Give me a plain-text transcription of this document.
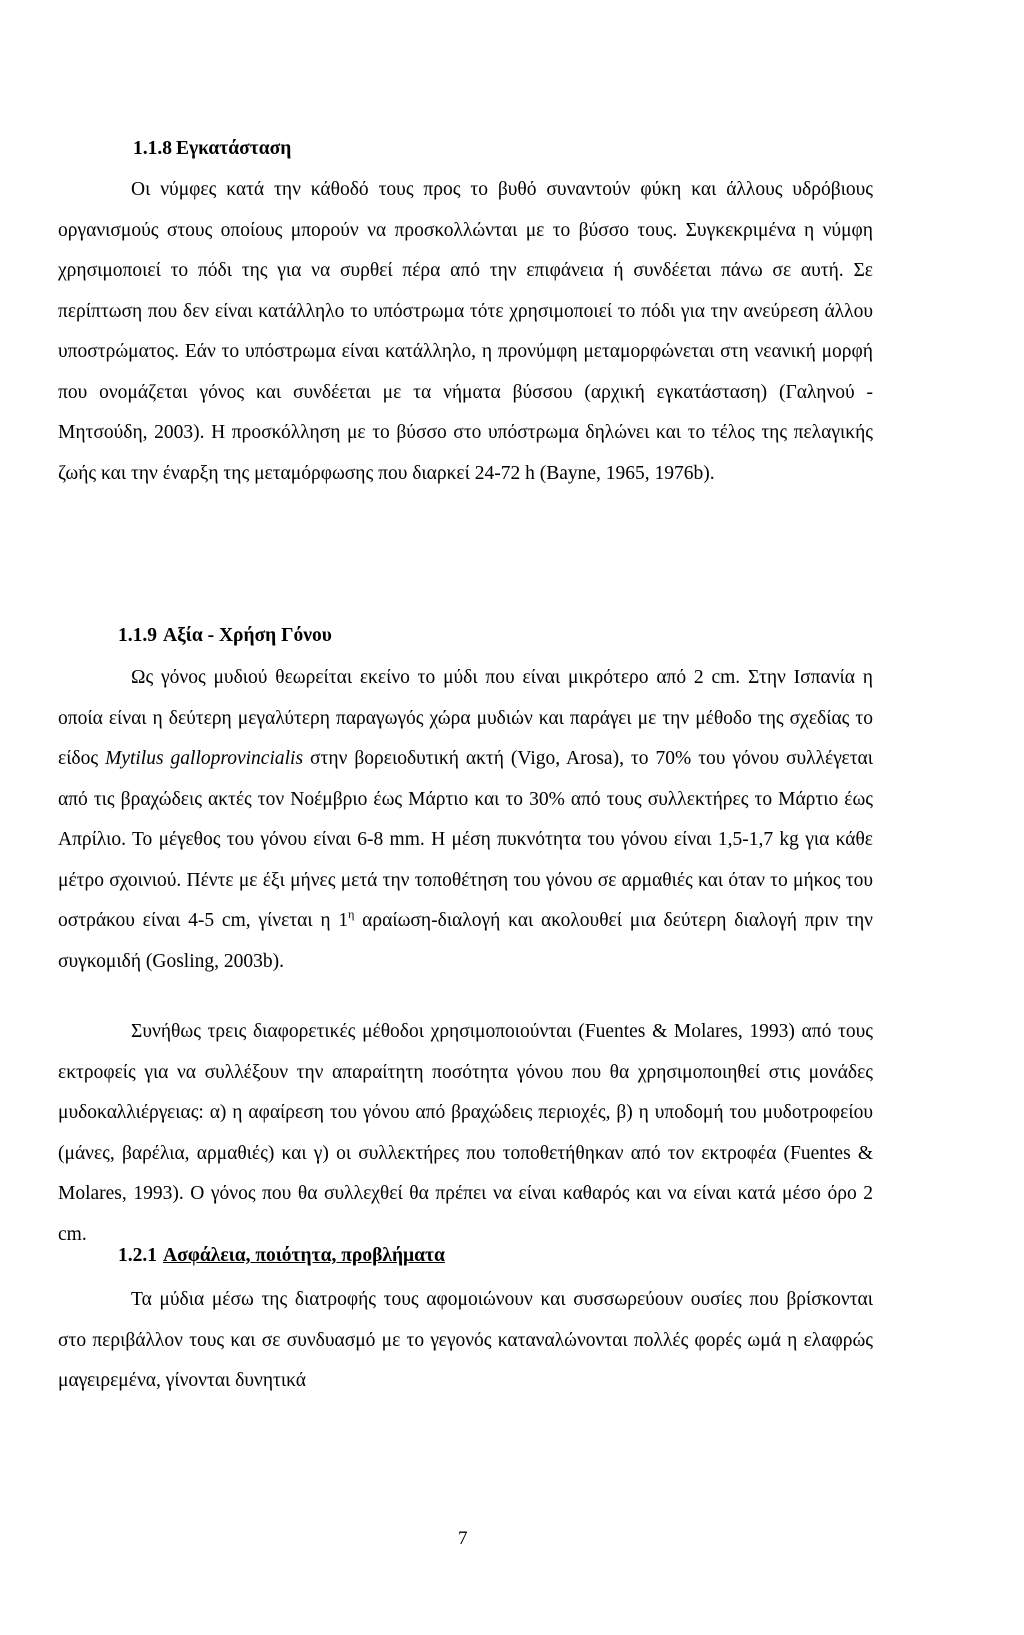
1.1.8 Εγκατάσταση

Οι νύμφες κατά την κάθοδό τους προς το βυθό συναντούν φύκη και άλλους υδρόβιους οργανισμούς στους οποίους μπορούν να προσκολλώνται με το βύσσο τους. Συγκεκριμένα η νύμφη χρησιμοποιεί το πόδι της για να συρθεί πέρα από την επιφάνεια ή συνδέεται πάνω σε αυτή. Σε περίπτωση που δεν είναι κατάλληλο το υπόστρωμα τότε χρησιμοποιεί το πόδι για την ανεύρεση άλλου υποστρώματος. Εάν το υπόστρωμα είναι κατάλληλο, η προνύμφη μεταμορφώνεται στη νεανική μορφή που ονομάζεται γόνος και συνδέεται με τα νήματα βύσσου (αρχική εγκατάσταση) (Γαληνού - Μητσούδη, 2003). Η προσκόλληση με το βύσσο στο υπόστρωμα δηλώνει και το τέλος της πελαγικής ζωής και την έναρξη της μεταμόρφωσης που διαρκεί 24-72 h (Bayne, 1965, 1976b).

1.1.9 Αξία - Χρήση Γόνου

Ως γόνος μυδιού θεωρείται εκείνο το μύδι που είναι μικρότερο από 2 cm. Στην Ισπανία η οποία είναι η δεύτερη μεγαλύτερη παραγωγός χώρα μυδιών και παράγει με την μέθοδο της σχεδίας το είδος Mytilus galloprovincialis στην βορειοδυτική ακτή (Vigo, Arosa), το 70% του γόνου συλλέγεται από τις βραχώδεις ακτές τον Νοέμβριο έως Μάρτιο και το 30% από τους συλλεκτήρες το Μάρτιο έως Απρίλιο. Το μέγεθος του γόνου είναι 6-8 mm. Η μέση πυκνότητα του γόνου είναι 1,5-1,7 kg για κάθε μέτρο σχοινιού. Πέντε με έξι μήνες μετά την τοποθέτηση του γόνου σε αρμαθιές και όταν το μήκος του οστράκου είναι 4-5 cm, γίνεται η $1^\eta$ αραίωση-διαλογή και ακολουθεί μια δεύτερη διαλογή πριν την συγκομιδή (Gosling, 2003b).

Συνήθως τρεις διαφορετικές μέθοδοι χρησιμοποιούνται (Fuentes & Molares, 1993) από τους εκτροφείς για να συλλέξουν την απαραίτητη ποσότητα γόνου που θα χρησιμοποιηθεί στις μονάδες μυδοκαλλιέργειας: α) η αφαίρεση του γόνου από βραχώδεις περιοχές, β) η υποδομή του μυδοτροφείου (μάνες, βαρέλια, αρμαθιές) και γ) οι συλλεκτήρες που τοποθετήθηκαν από τον εκτροφέα (Fuentes & Molares, 1993). Ο γόνος που θα συλλεχθεί θα πρέπει να είναι καθαρός και να είναι κατά μέσο όρο 2 cm.

1.2.1 Ασφάλεια, ποιότητα, προβλήματα

Τα μύδια μέσω της διατροφής τους αφομοιώνουν και συσσωρεύουν ουσίες που βρίσκονται στο περιβάλλον τους και σε συνδυασμό με το γεγονός καταναλώνονται πολλές φορές ωμά η ελαφρώς μαγειρεμένα, γίνονται δυνητικά

7
